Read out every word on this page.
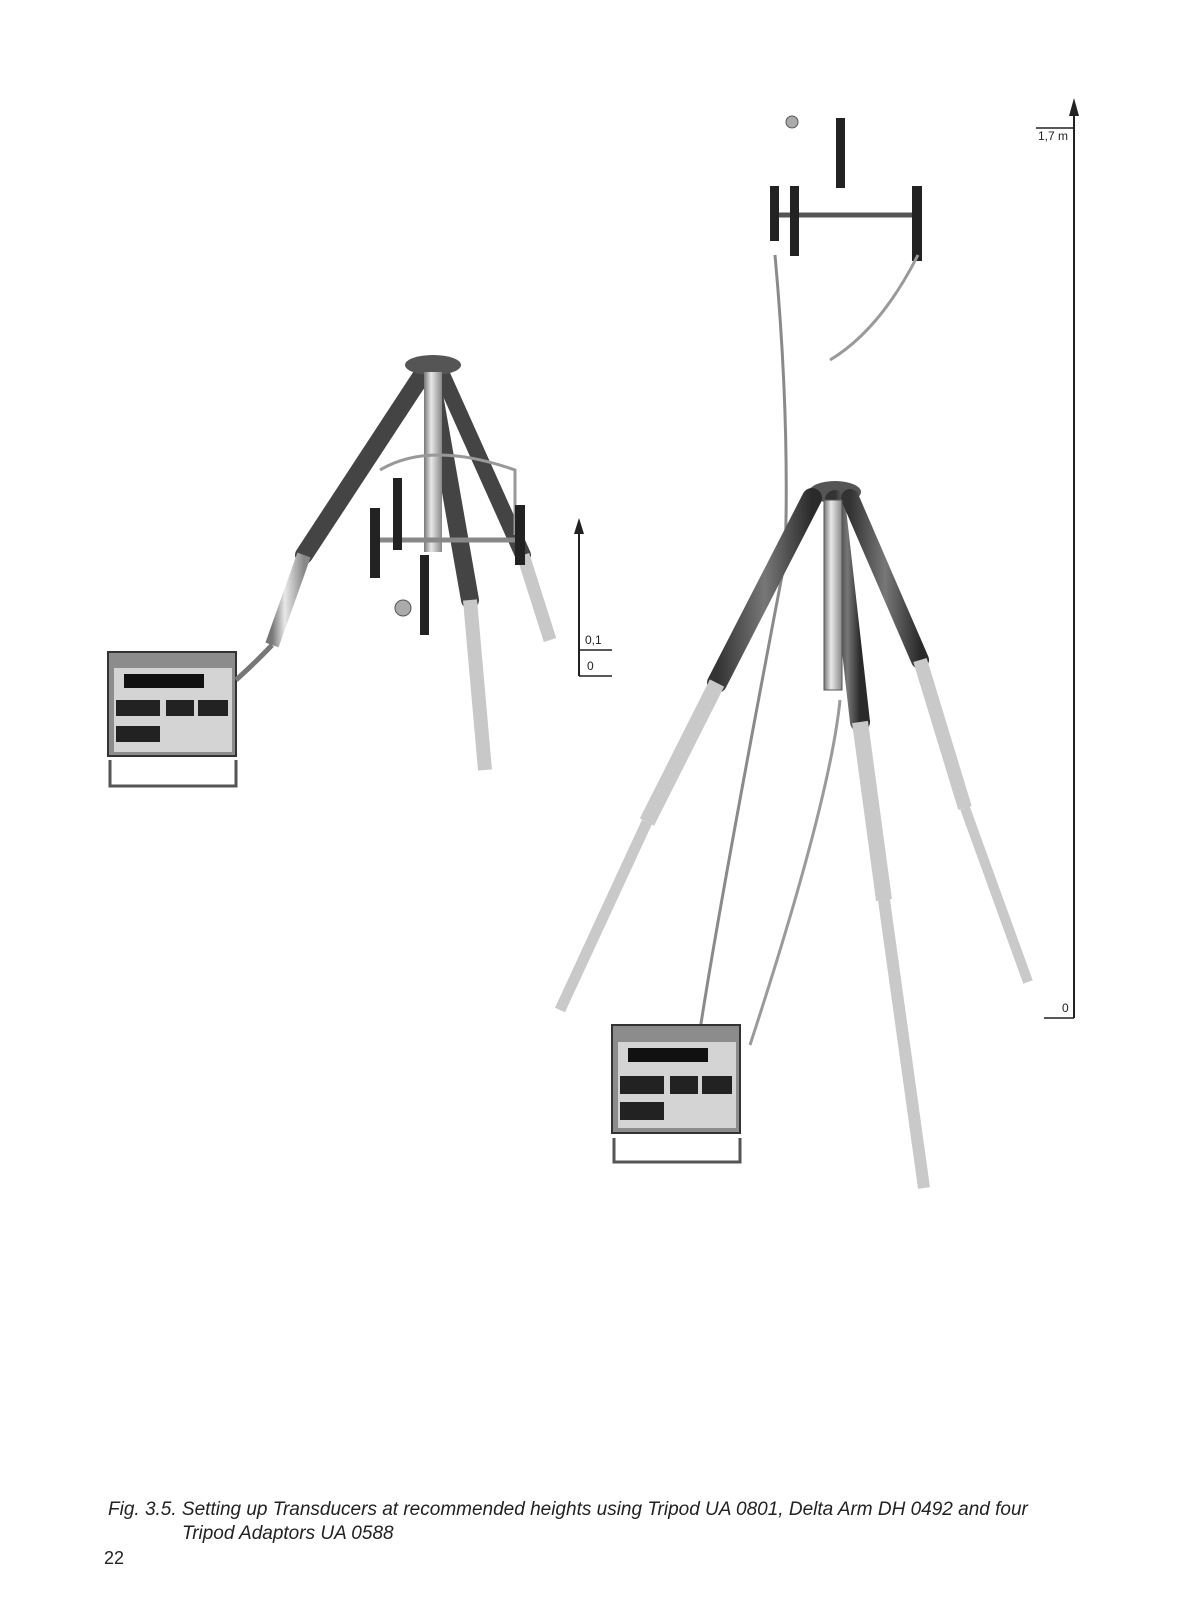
0,1
0
1,7 m
0
Fig. 3.5. Setting up Transducers at recommended heights using Tripod UA 0801, Delta Arm DH 0492 and four
Tripod Adaptors UA 0588
22
